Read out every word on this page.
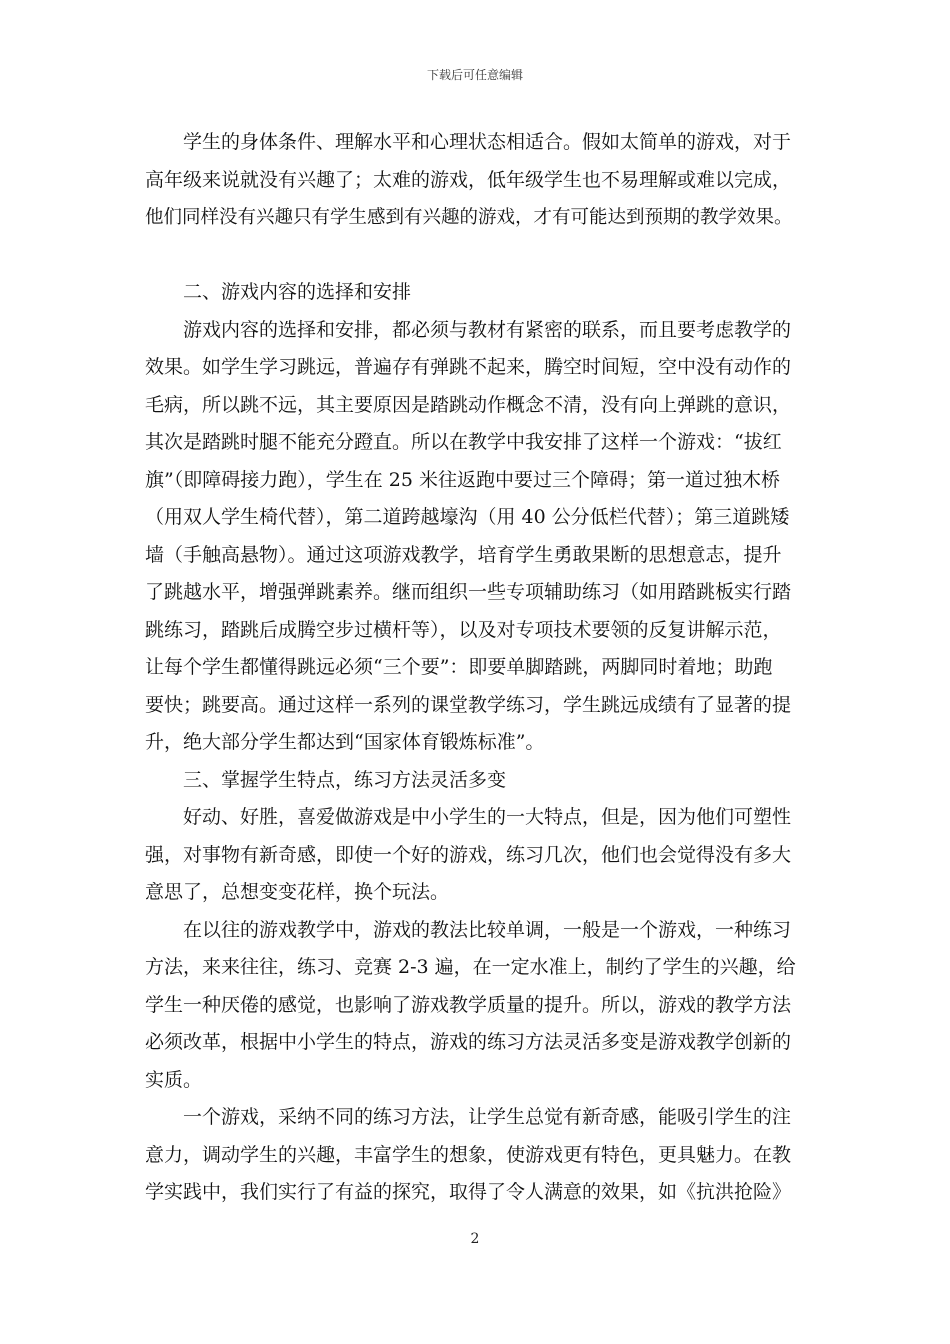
下载后可任意编辑
学生的身体条件、理解水平和心理状态相适合。假如太简单的游戏，对于
高年级来说就没有兴趣了；太难的游戏，低年级学生也不易理解或难以完成，
他们同样没有兴趣只有学生感到有兴趣的游戏，才有可能达到预期的教学效果。
二、游戏内容的选择和安排
游戏内容的选择和安排，都必须与教材有紧密的联系，而且要考虑教学的
效果。如学生学习跳远，普遍存有弹跳不起来，腾空时间短，空中没有动作的
毛病，所以跳不远，其主要原因是踏跳动作概念不清，没有向上弹跳的意识，
其次是踏跳时腿不能充分蹬直。所以在教学中我安排了这样一个游戏：“拔红
旗”（即障碍接力跑），学生在 25 米往返跑中要过三个障碍；第一道过独木桥
（用双人学生椅代替），第二道跨越壕沟（用 40 公分低栏代替）；第三道跳矮
墙（手触高悬物）。通过这项游戏教学，培育学生勇敢果断的思想意志，提升
了跳越水平，增强弹跳素养。继而组织一些专项辅助练习（如用踏跳板实行踏
跳练习，踏跳后成腾空步过横杆等），以及对专项技术要领的反复讲解示范，
让每个学生都懂得跳远必须“三个要”：即要单脚踏跳，两脚同时着地；助跑
要快；跳要高。通过这样一系列的课堂教学练习，学生跳远成绩有了显著的提
升，绝大部分学生都达到“国家体育锻炼标准”。
三、掌握学生特点，练习方法灵活多变
好动、好胜，喜爱做游戏是中小学生的一大特点，但是，因为他们可塑性
强，对事物有新奇感，即使一个好的游戏，练习几次，他们也会觉得没有多大
意思了，总想变变花样，换个玩法。
在以往的游戏教学中，游戏的教法比较单调，一般是一个游戏，一种练习
方法，来来往往，练习、竞赛 2-3 遍，在一定水准上，制约了学生的兴趣，给
学生一种厌倦的感觉，也影响了游戏教学质量的提升。所以，游戏的教学方法
必须改革，根据中小学生的特点，游戏的练习方法灵活多变是游戏教学创新的
实质。
一个游戏，采纳不同的练习方法，让学生总觉有新奇感，能吸引学生的注
意力，调动学生的兴趣，丰富学生的想象，使游戏更有特色，更具魅力。在教
学实践中，我们实行了有益的探究，取得了令人满意的效果，如《抗洪抢险》
2
